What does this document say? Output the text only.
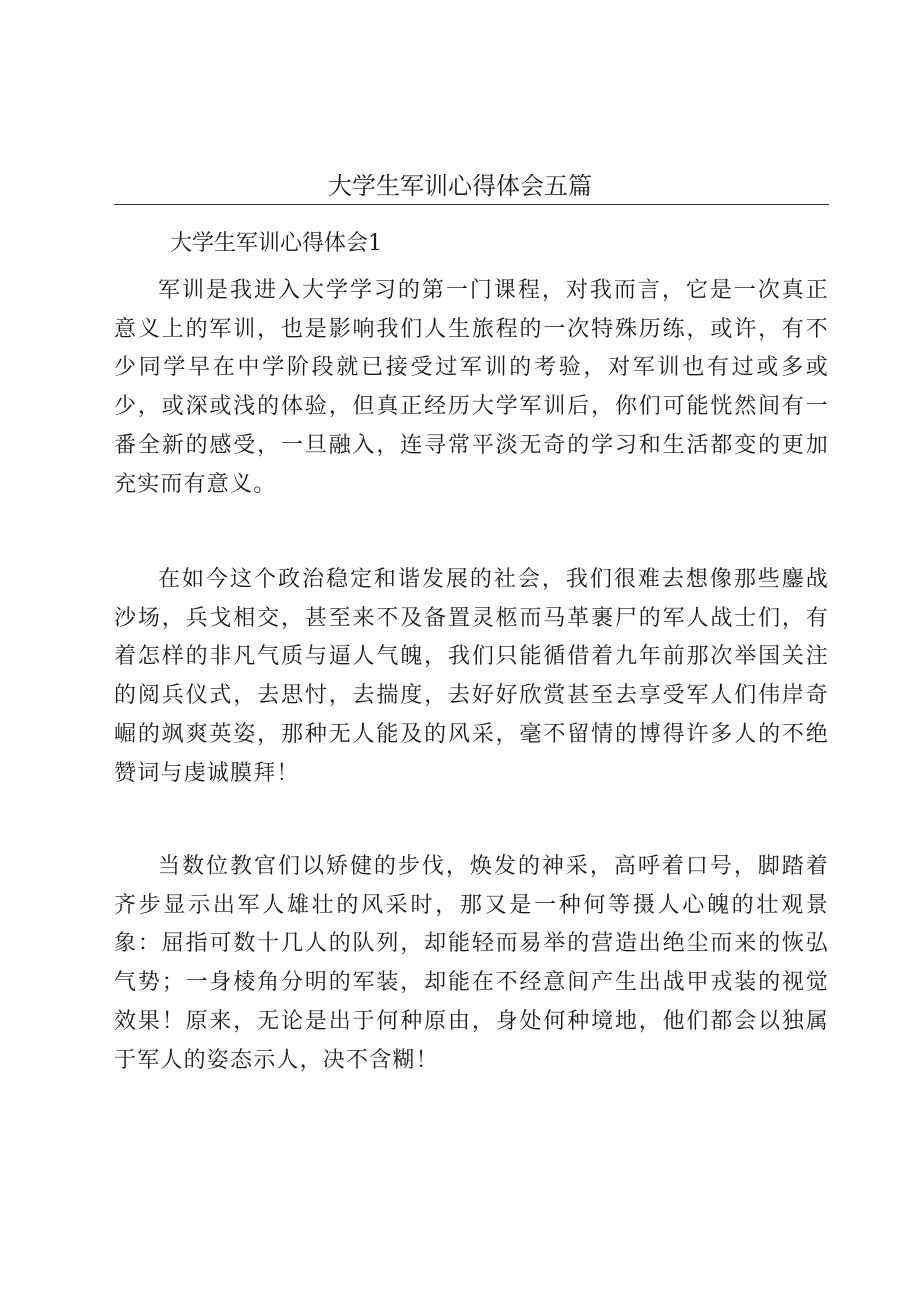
大学生军训心得体会五篇
大学生军训心得体会1

军训是我进入大学学习的第一门课程，对我而言，它是一次真正意义上的军训，也是影响我们人生旅程的一次特殊历练，或许，有不少同学早在中学阶段就已接受过军训的考验，对军训也有过或多或少，或深或浅的体验，但真正经历大学军训后，你们可能恍然间有一番全新的感受，一旦融入，连寻常平淡无奇的学习和生活都变的更加充实而有意义。

在如今这个政治稳定和谐发展的社会，我们很难去想像那些鏖战沙场，兵戈相交，甚至来不及备置灵柩而马革裹尸的军人战士们，有着怎样的非凡气质与逼人气魄，我们只能循借着九年前那次举国关注的阅兵仪式，去思忖，去揣度，去好好欣赏甚至去享受军人们伟岸奇崛的飒爽英姿，那种无人能及的风采，毫不留情的博得许多人的不绝赞词与虔诚膜拜！

当数位教官们以矫健的步伐，焕发的神采，高呼着口号，脚踏着齐步显示出军人雄壮的风采时，那又是一种何等摄人心魄的壮观景象：屈指可数十几人的队列，却能轻而易举的营造出绝尘而来的恢弘气势；一身棱角分明的军装，却能在不经意间产生出战甲戎装的视觉效果！原来，无论是出于何种原由，身处何种境地，他们都会以独属于军人的姿态示人，决不含糊！
